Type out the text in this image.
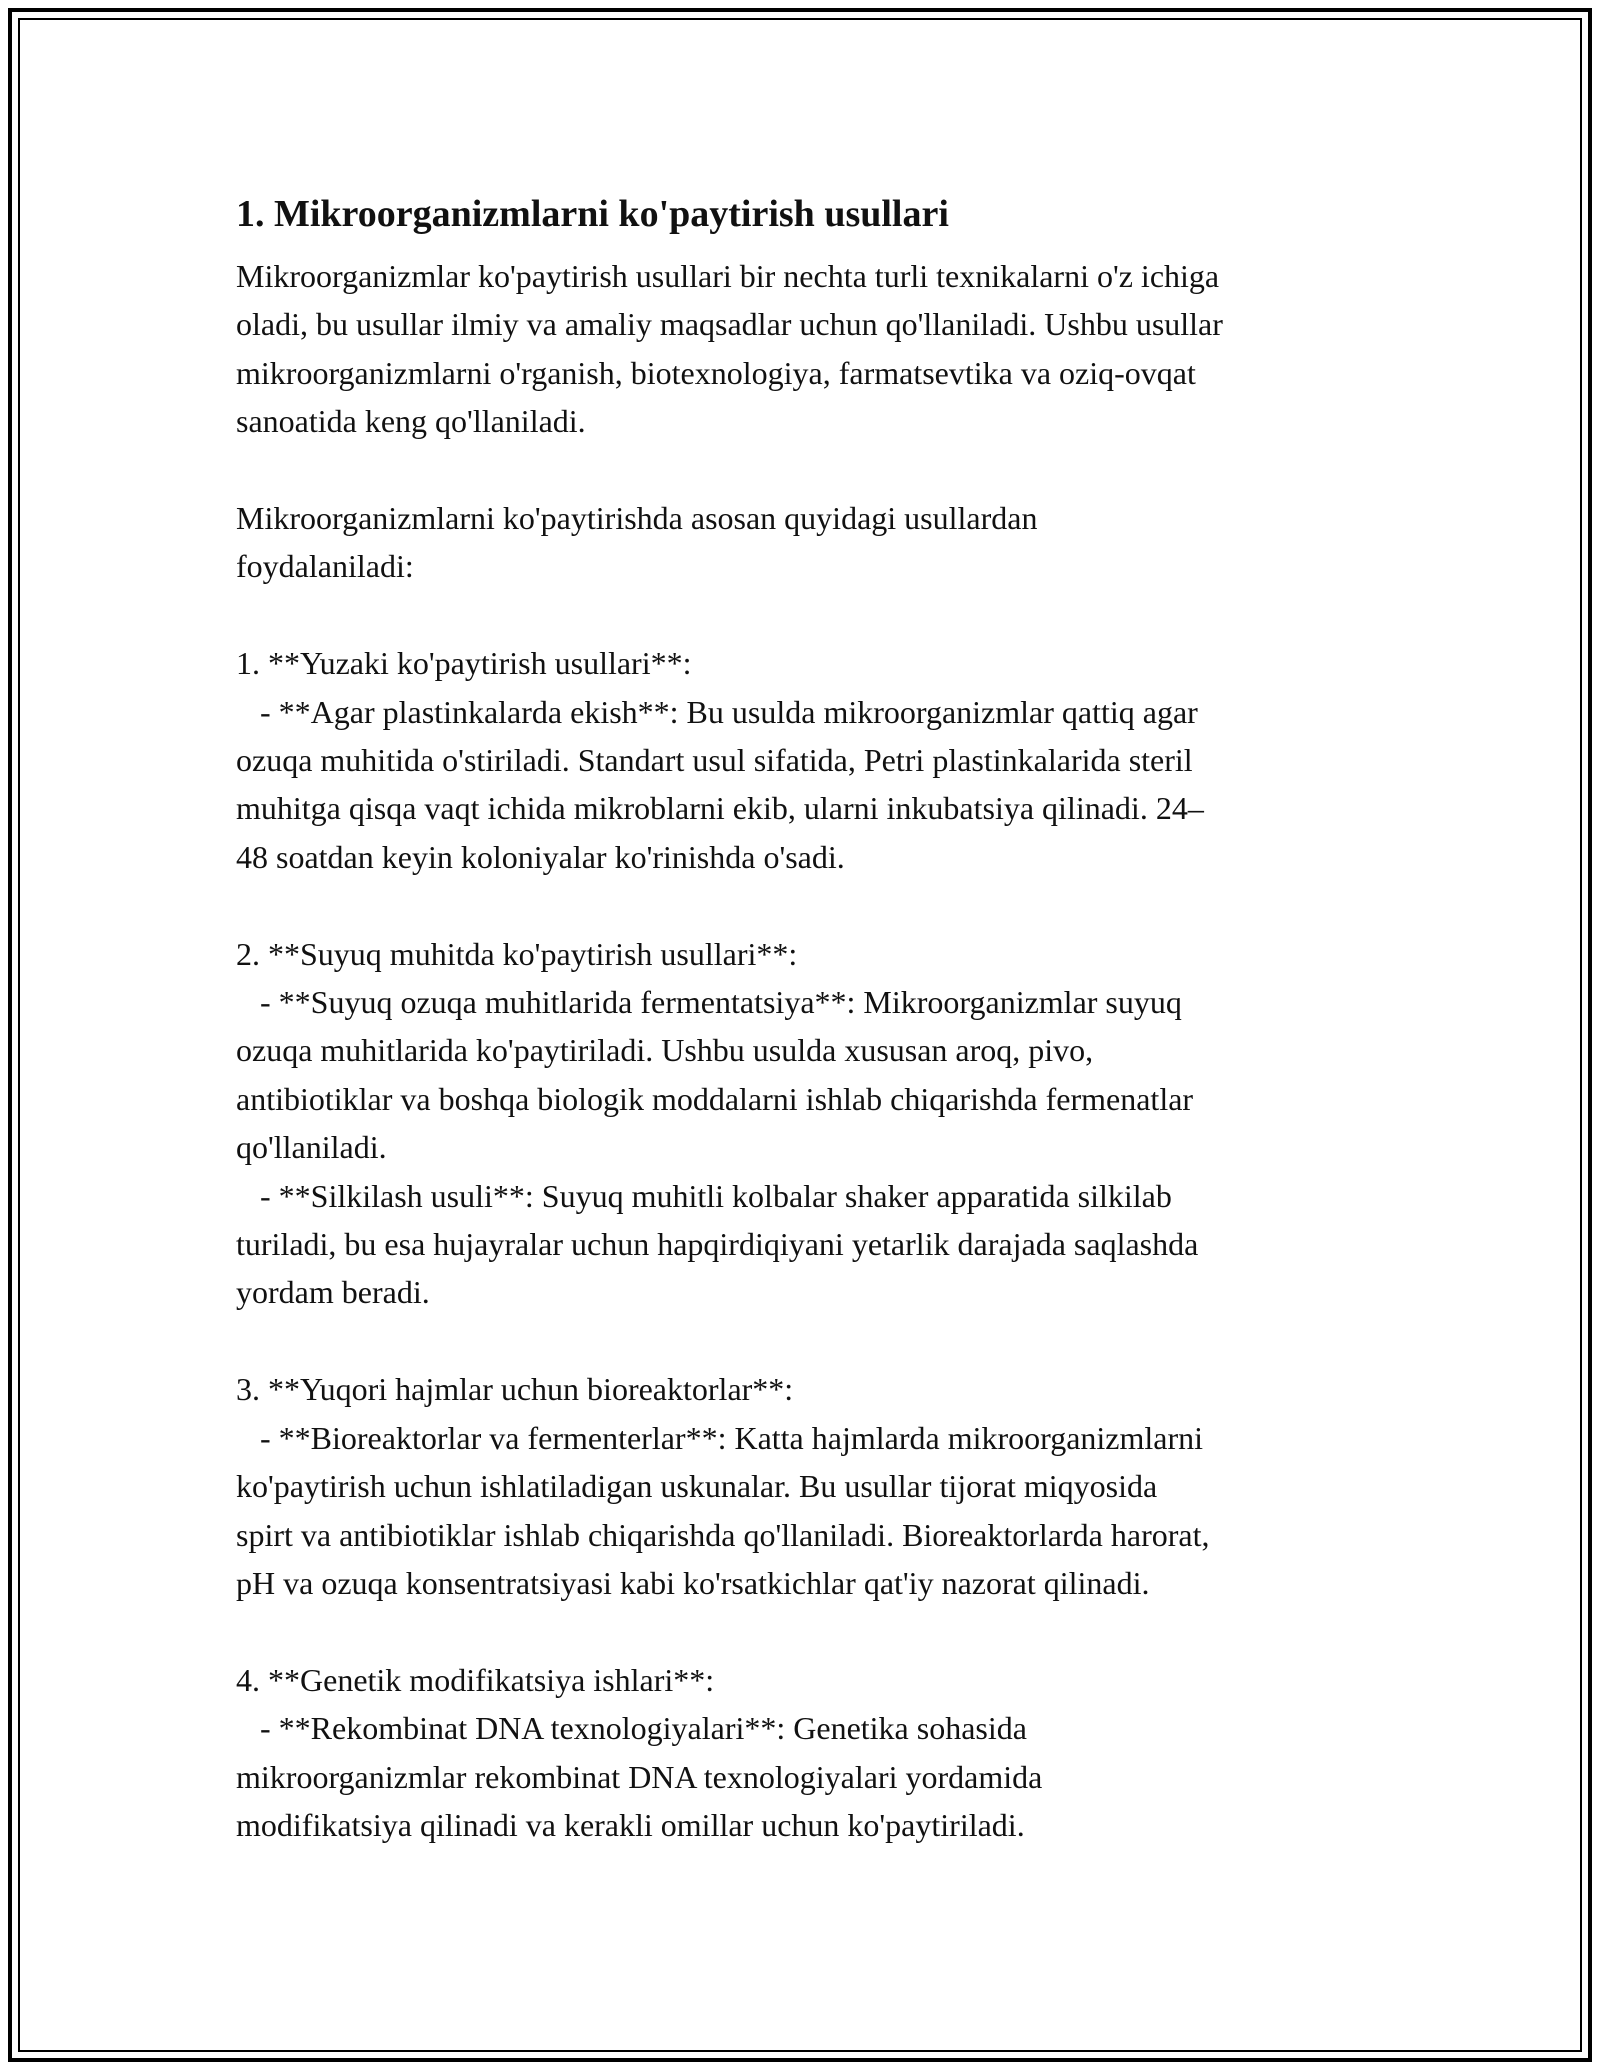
1. Mikroorganizmlarni ko'paytirish usullari

Mikroorganizmlar ko'paytirish usullari bir nechta turli texnikalarni o'z ichiga
oladi, bu usullar ilmiy va amaliy maqsadlar uchun qo'llaniladi. Ushbu usullar
mikroorganizmlarni o'rganish, biotexnologiya, farmatsevtika va oziq-ovqat
sanoatida keng qo'llaniladi.

Mikroorganizmlarni ko'paytirishda asosan quyidagi usullardan
foydalaniladi:

1. **Yuzaki ko'paytirish usullari**:
- **Agar plastinkalarda ekish**: Bu usulda mikroorganizmlar qattiq agar
ozuqa muhitida o'stiriladi. Standart usul sifatida, Petri plastinkalarida steril
muhitga qisqa vaqt ichida mikroblarni ekib, ularni inkubatsiya qilinadi. 24–
48 soatdan keyin koloniyalar ko'rinishda o'sadi.

2. **Suyuq muhitda ko'paytirish usullari**:
- **Suyuq ozuqa muhitlarida fermentatsiya**: Mikroorganizmlar suyuq
ozuqa muhitlarida ko'paytiriladi. Ushbu usulda xususan aroq, pivo,
antibiotiklar va boshqa biologik moddalarni ishlab chiqarishda fermenatlar
qo'llaniladi.
- **Silkilash usuli**: Suyuq muhitli kolbalar shaker apparatida silkilab
turiladi, bu esa hujayralar uchun hapqirdiqiyani yetarlik darajada saqlashda
yordam beradi.

3. **Yuqori hajmlar uchun bioreaktorlar**:
- **Bioreaktorlar va fermenterlar**: Katta hajmlarda mikroorganizmlarni
ko'paytirish uchun ishlatiladigan uskunalar. Bu usullar tijorat miqyosida
spirt va antibiotiklar ishlab chiqarishda qo'llaniladi. Bioreaktorlarda harorat,
pH va ozuqa konsentratsiyasi kabi ko'rsatkichlar qat'iy nazorat qilinadi.

4. **Genetik modifikatsiya ishlari**:
- **Rekombinat DNA texnologiyalari**: Genetika sohasida
mikroorganizmlar rekombinat DNA texnologiyalari yordamida
modifikatsiya qilinadi va kerakli omillar uchun ko'paytiriladi.
